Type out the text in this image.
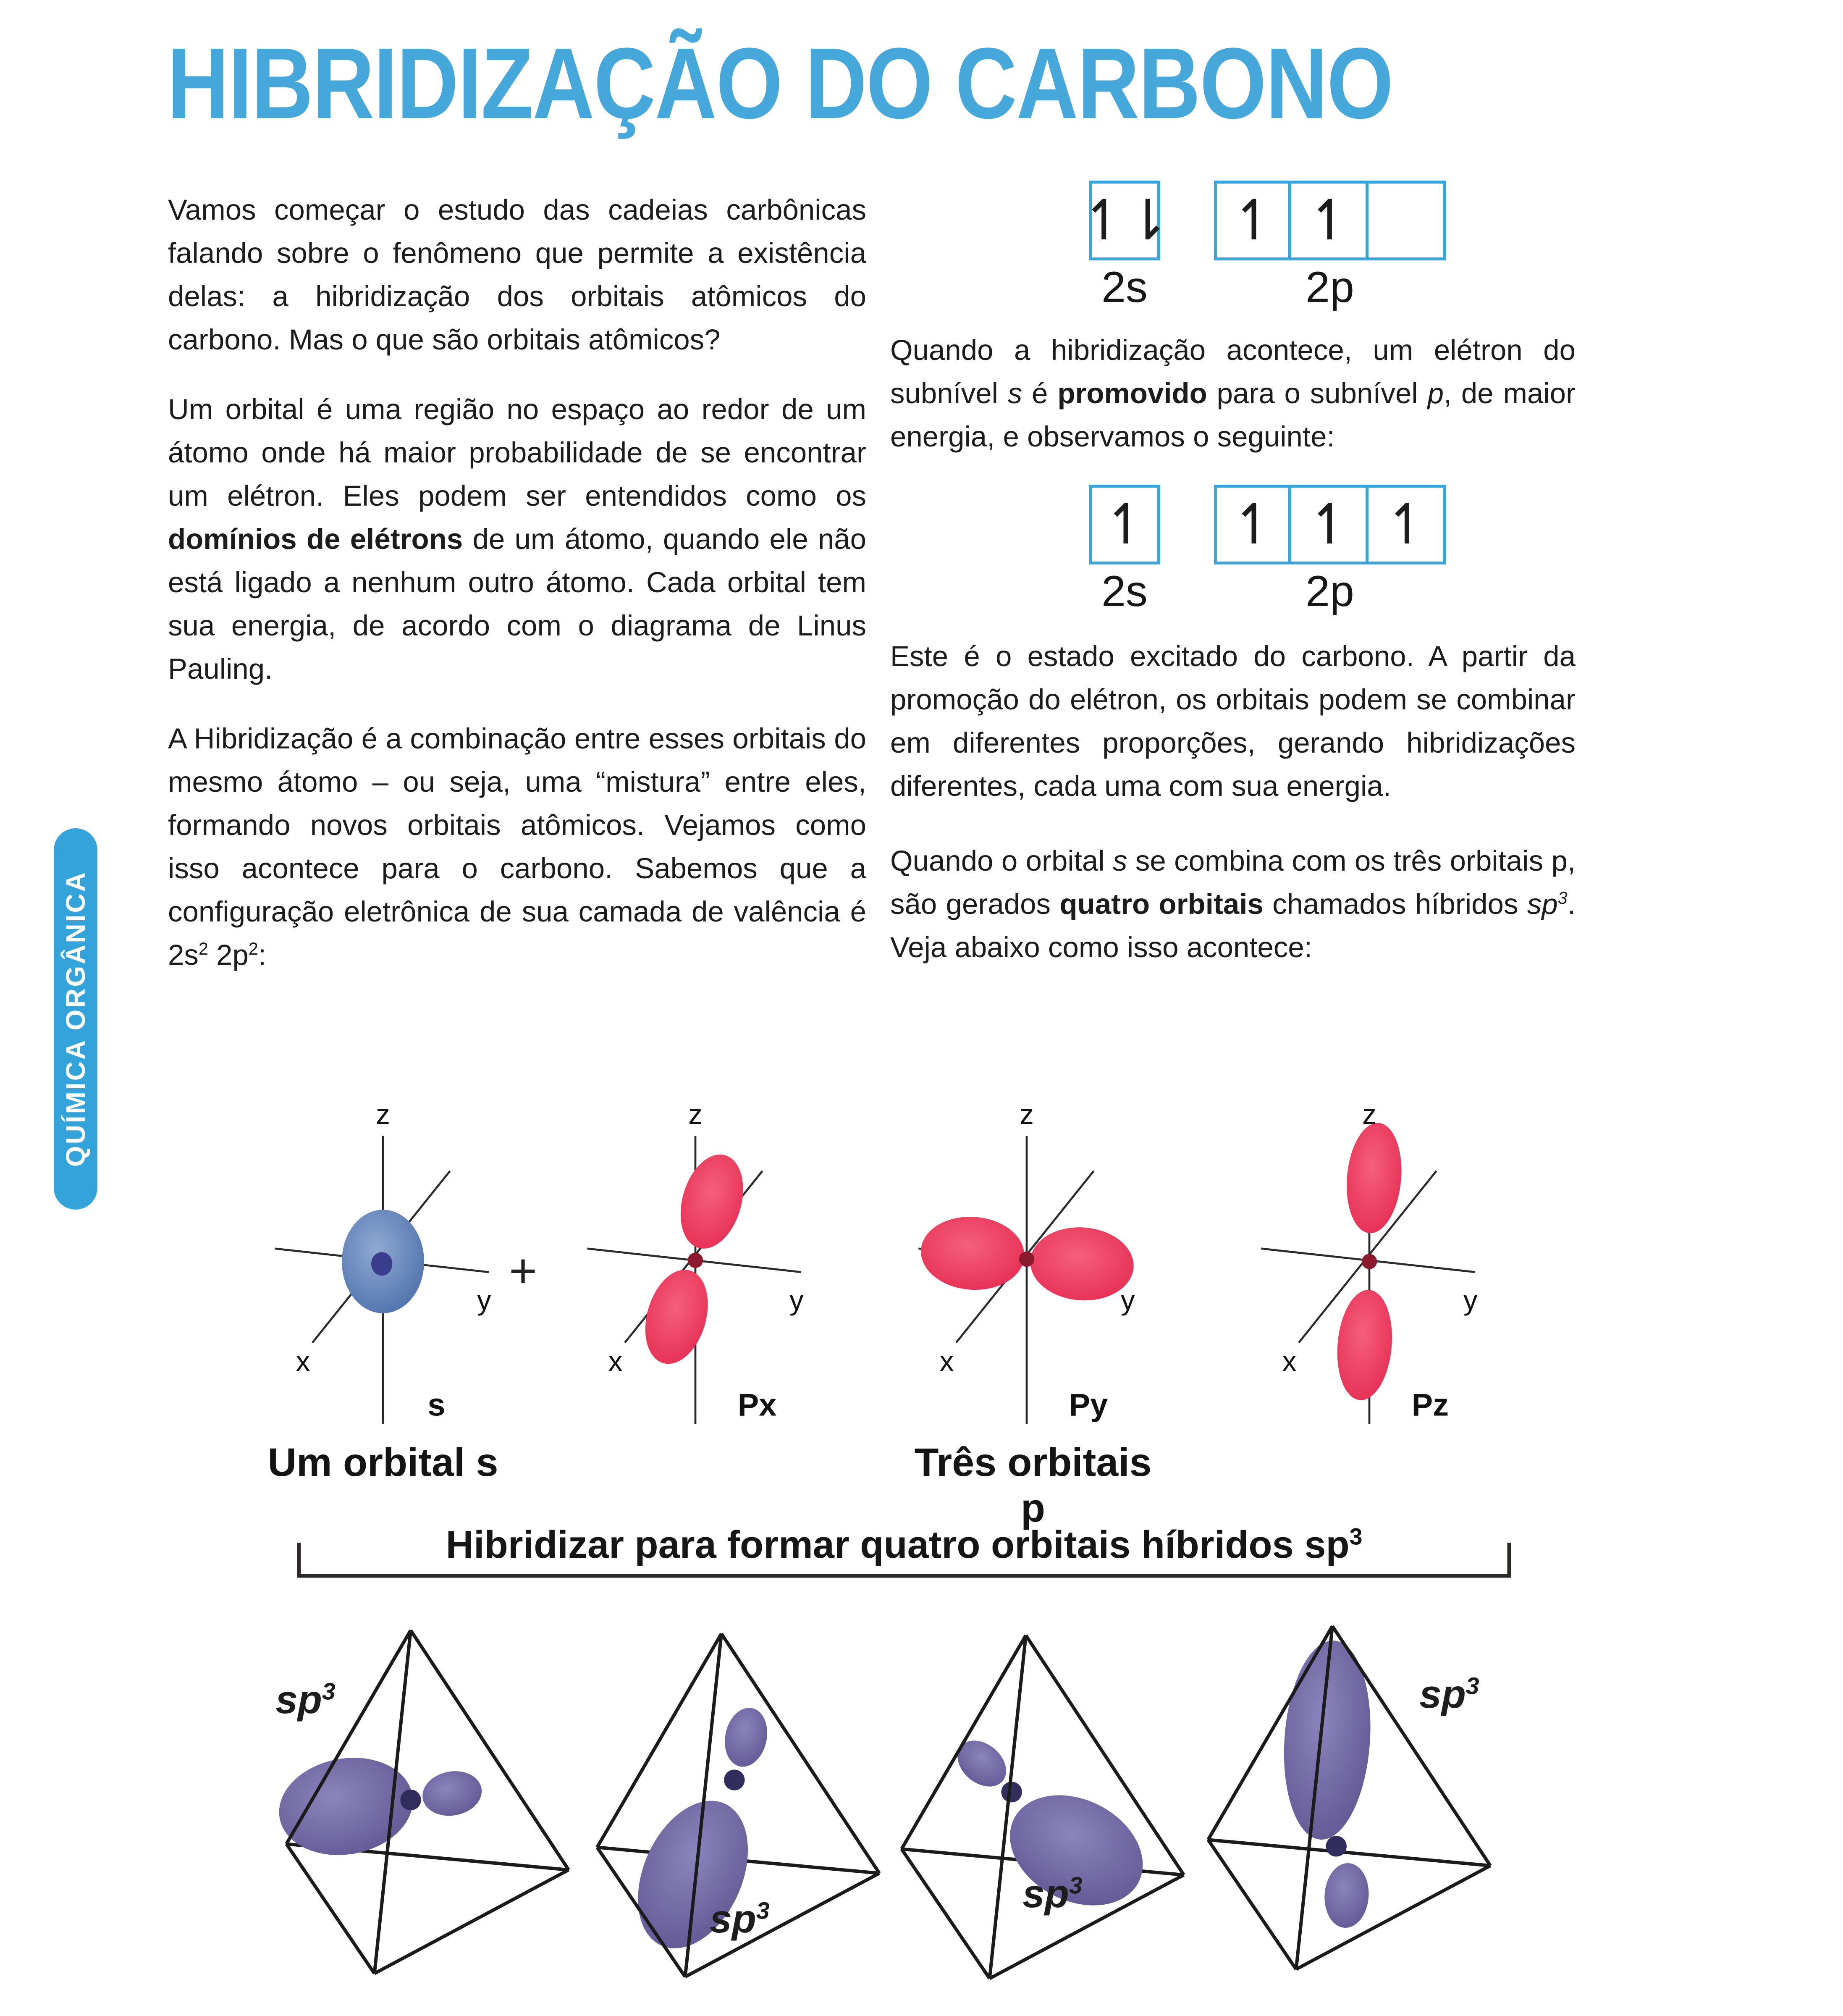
HIBRIDIZAÇÃO DO CARBONO
QUÍMICA ORGÂNICA

Vamos começar o estudo das cadeias carbônicas falando sobre o fenômeno que permite a existência delas: a hibridização dos orbitais atômicos do carbono. Mas o que são orbitais atômicos?

Um orbital é uma região no espaço ao redor de um átomo onde há maior probabilidade de se encontrar um elétron. Eles podem ser entendidos como os domínios de elétrons de um átomo, quando ele não está ligado a nenhum outro átomo. Cada orbital tem sua energia, de acordo com o diagrama de Linus Pauling.

A Hibridização é a combinação entre esses orbitais do mesmo átomo – ou seja, uma “mistura” entre eles, formando novos orbitais atômicos. Vejamos como isso acontece para o carbono. Sabemos que a configuração eletrônica de sua camada de valência é $2s^2$ $2p^2$:

↿⇂ ↿ ↿
2s	2p

Quando a hibridização acontece, um elétron do subnível s é promovido para o subnível p, de maior energia, e observamos o seguinte:

↿ ↿ ↿ ↿
2s	2p

Este é o estado excitado do carbono. A partir da promoção do elétron, os orbitais podem se combinar em diferentes proporções, gerando hibridizações diferentes, cada uma com sua energia.

Quando o orbital s se combina com os três orbitais p, são gerados quatro orbitais chamados híbridos $sp^3$. Veja abaixo como isso acontece:

z
y
x
s
+
z
y
x
Px
z
y
x
Py
z
y
x
Pz
Um orbital s	Três orbitais p
Hibridizar para formar quatro orbitais híbridos $sp^3$
$sp^3$
$sp^3$	$sp^3$
$sp^3$
